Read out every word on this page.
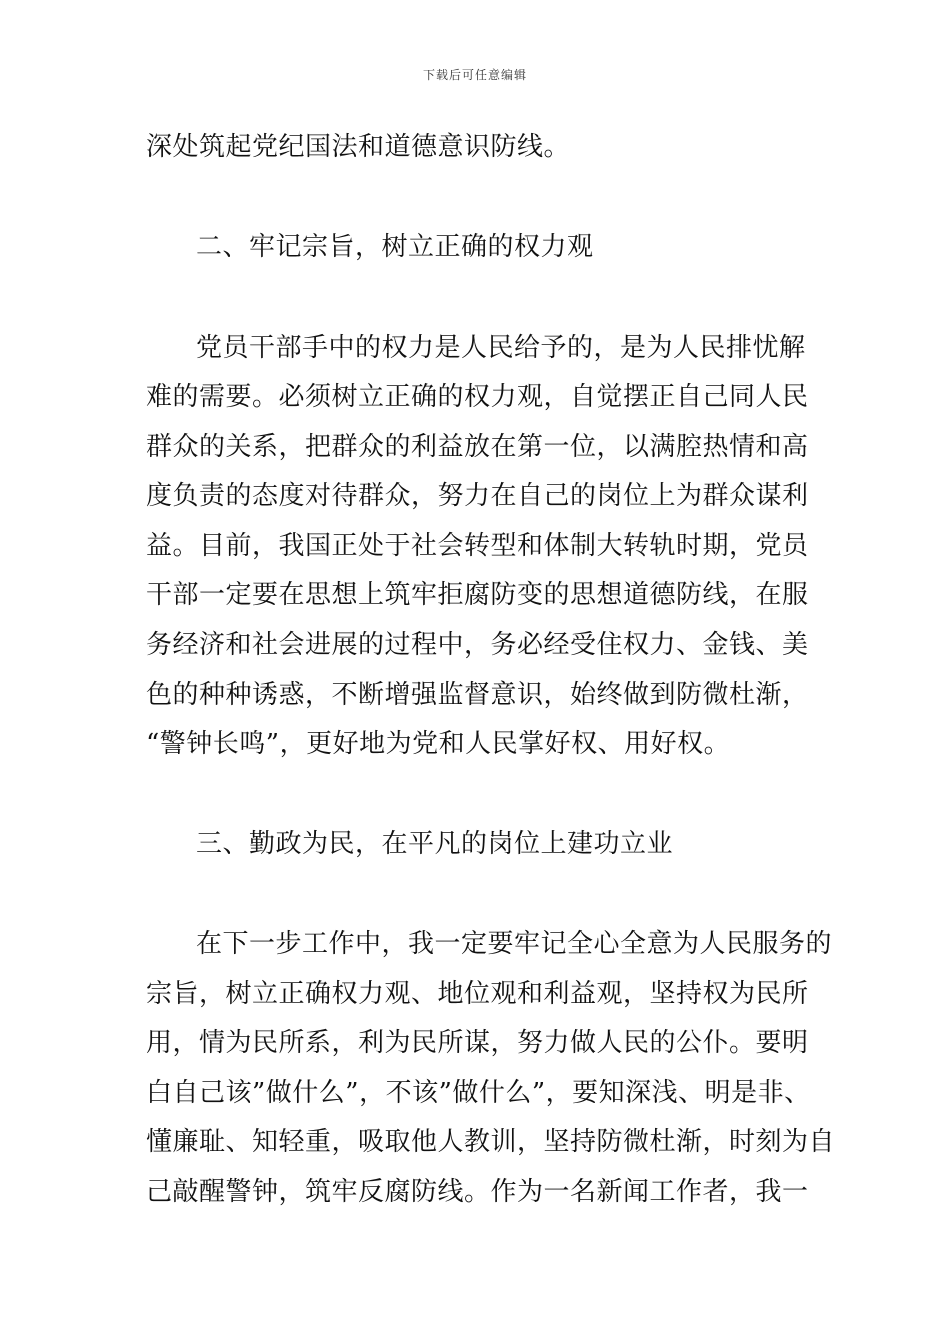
下载后可任意编辑
深处筑起党纪国法和道德意识防线。
二、牢记宗旨，树立正确的权力观
党员干部手中的权力是人民给予的，是为人民排忧解
难的需要。必须树立正确的权力观，自觉摆正自己同人民
群众的关系，把群众的利益放在第一位，以满腔热情和高
度负责的态度对待群众，努力在自己的岗位上为群众谋利
益。目前，我国正处于社会转型和体制大转轨时期，党员
干部一定要在思想上筑牢拒腐防变的思想道德防线，在服
务经济和社会进展的过程中，务必经受住权力、金钱、美
色的种种诱惑，不断增强监督意识，始终做到防微杜渐，
“警钟长鸣”，更好地为党和人民掌好权、用好权。
三、勤政为民，在平凡的岗位上建功立业
在下一步工作中，我一定要牢记全心全意为人民服务的
宗旨，树立正确权力观、地位观和利益观，坚持权为民所
用，情为民所系，利为民所谋，努力做人民的公仆。要明
白自己该”做什么”，不该”做什么”，要知深浅、明是非、
懂廉耻、知轻重，吸取他人教训，坚持防微杜渐，时刻为自
己敲醒警钟，筑牢反腐防线。作为一名新闻工作者，我一
